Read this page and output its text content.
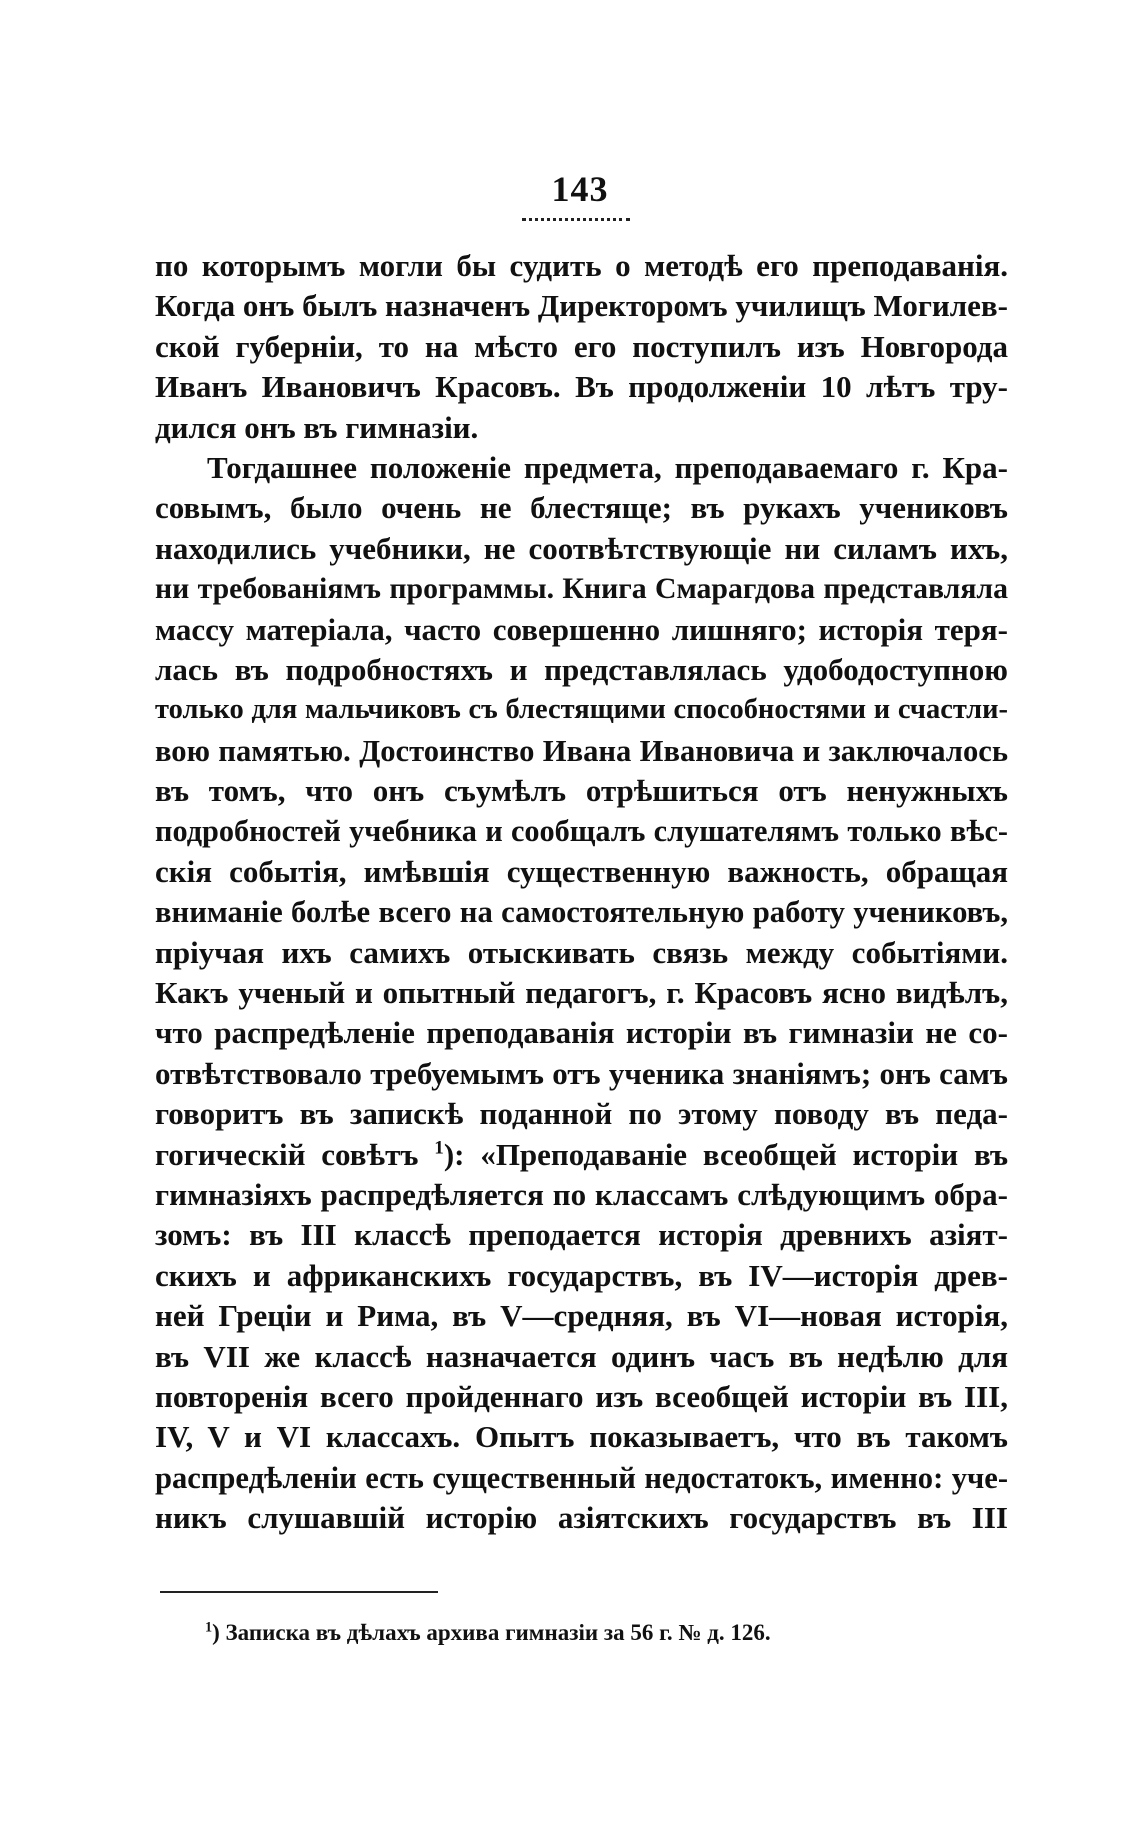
143
по которымъ могли бы судить о методѣ его преподаванія.
Когда онъ былъ назначенъ Директоромъ училищъ Могилев-
ской губерніи, то на мѣсто его поступилъ изъ Новгорода
Иванъ Ивановичъ Красовъ. Въ продолженіи 10 лѣтъ тру-
дился онъ въ гимназіи.
Тогдашнее положеніе предмета, преподаваемаго г. Кра-
совымъ, было очень не блестяще; въ рукахъ учениковъ
находились учебники, не соотвѣтствующіе ни силамъ ихъ,
ни требованіямъ программы. Книга Смарагдова представляла
массу матеріала, часто совершенно лишняго; исторія теря-
лась въ подробностяхъ и представлялась удободоступною
только для мальчиковъ съ блестящими способностями и счастли-
вою памятью. Достоинство Ивана Ивановича и заключалось
въ томъ, что онъ съумѣлъ отрѣшиться отъ ненужныхъ
подробностей учебника и сообщалъ слушателямъ только вѣс-
скія событія, имѣвшія существенную важность, обращая
вниманіе болѣе всего на самостоятельную работу учениковъ,
пріучая ихъ самихъ отыскивать связь между событіями.
Какъ ученый и опытный педагогъ, г. Красовъ ясно видѣлъ,
что распредѣленіе преподаванія исторіи въ гимназіи не со-
отвѣтствовало требуемымъ отъ ученика знаніямъ; онъ самъ
говоритъ въ запискѣ поданной по этому поводу въ педа-
гогическій совѣтъ $^1$): «Преподаваніе всеобщей исторіи въ
гимназіяхъ распредѣляется по классамъ слѣдующимъ обра-
зомъ: въ III классѣ преподается исторія древнихъ азіят-
скихъ и африканскихъ государствъ, въ IV—исторія древ-
ней Греціи и Рима, въ V—средняя, въ VI—новая исторія,
въ VII же классѣ назначается одинъ часъ въ недѣлю для
повторенія всего пройденнаго изъ всеобщей исторіи въ III,
IV, V и VI классахъ. Опытъ показываетъ, что въ такомъ
распредѣленіи есть существенный недостатокъ, именно: уче-
никъ слушавшій исторію азіятскихъ государствъ въ III
$^1$) Записка въ дѣлахъ архива гимназіи за 56 г. № д. 126.
